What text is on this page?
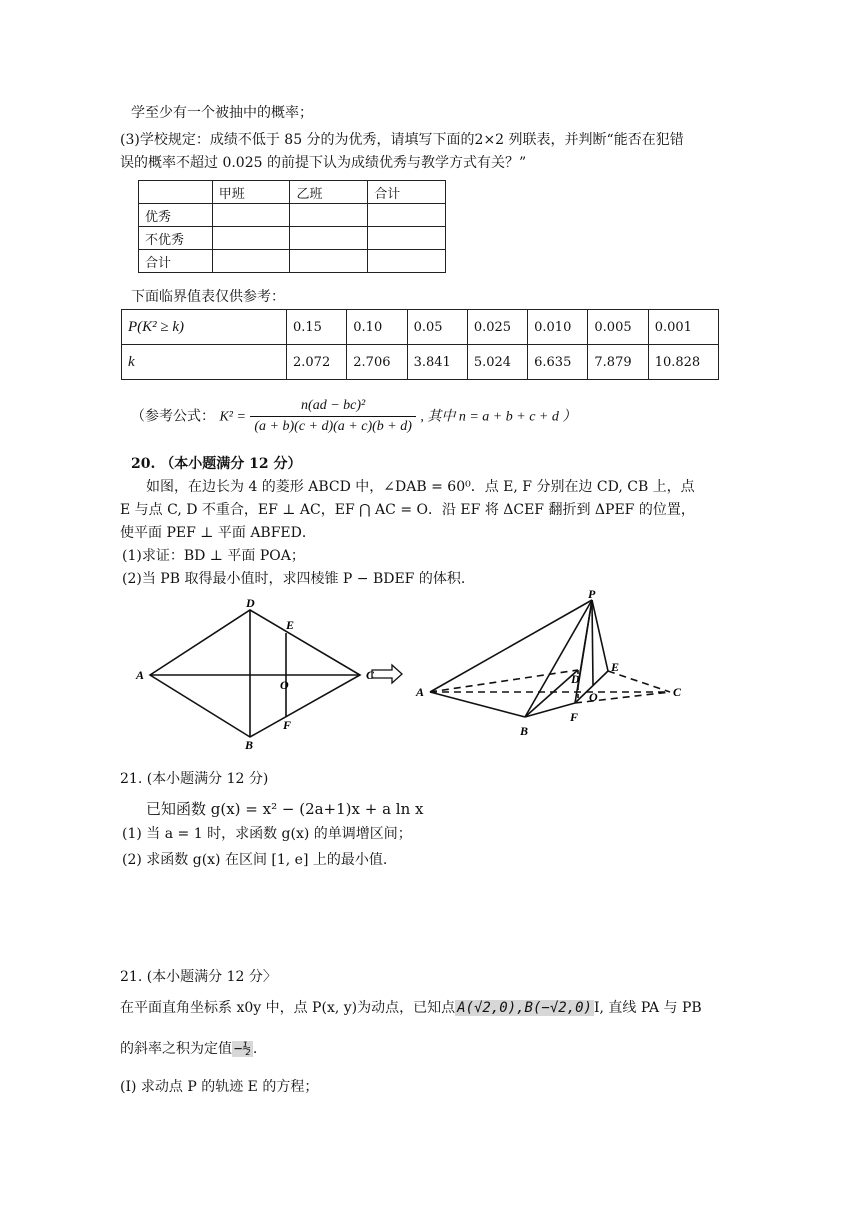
学至少有一个被抽中的概率；
(3)学校规定：成绩不低于 85 分的为优秀，请填写下面的2×2 列联表，并判断“能否在犯错
误的概率不超过 0.025 的前提下认为成绩优秀与教学方式有关？”
	甲班	乙班	合计
优秀			
不优秀			
合计			
下面临界值表仅供参考：
P(K² ≥ k)	0.15	0.10	0.05	0.025	0.010	0.005	0.001
k	2.072	2.706	3.841	5.024	6.635	7.879	10.828
（参考公式： $K^2 = \frac{\text{n(ad − bc)²}}{(a + b)(c + d)(a + c)(b + d)}$ , 其中 n = a + b + c + d ）
20. （本小题满分 12 分）
如图，在边长为 4 的菱形 ABCD 中，∠DAB = 60⁰．点 E, F 分别在边 CD, CB 上，点
E 与点 C, D 不重合，EF ⊥ AC，EF ⋂ AC = O．沿 EF 将 ΔCEF 翻折到 ΔPEF 的位置，
使平面 PEF ⊥ 平面 ABFED．
(1)求证：BD ⊥ 平面 POA；
(2)当 PB 取得最小值时，求四棱锥 P − BDEF 的体积.
A
D
E
O
C
F
B
A
P
E
D
O	C
F
B
21. (本小题满分 12 分)
已知函数 g(x) = x² − (2a+1)x + a ln x
(1) 当 a = 1 时，求函数 g(x) 的单调增区间；
(2) 求函数 g(x) 在区间 [1, e] 上的最小值.
21. (本小题满分 12 分〉
在平面直角坐标系 x0y 中，点 P(x, y)为动点，已知点 A(√2,0),B(−√2,0) I, 直线 PA 与 PB
的斜率之积为定值 −½ .
(I) 求动点 P 的轨迹 E 的方程；
